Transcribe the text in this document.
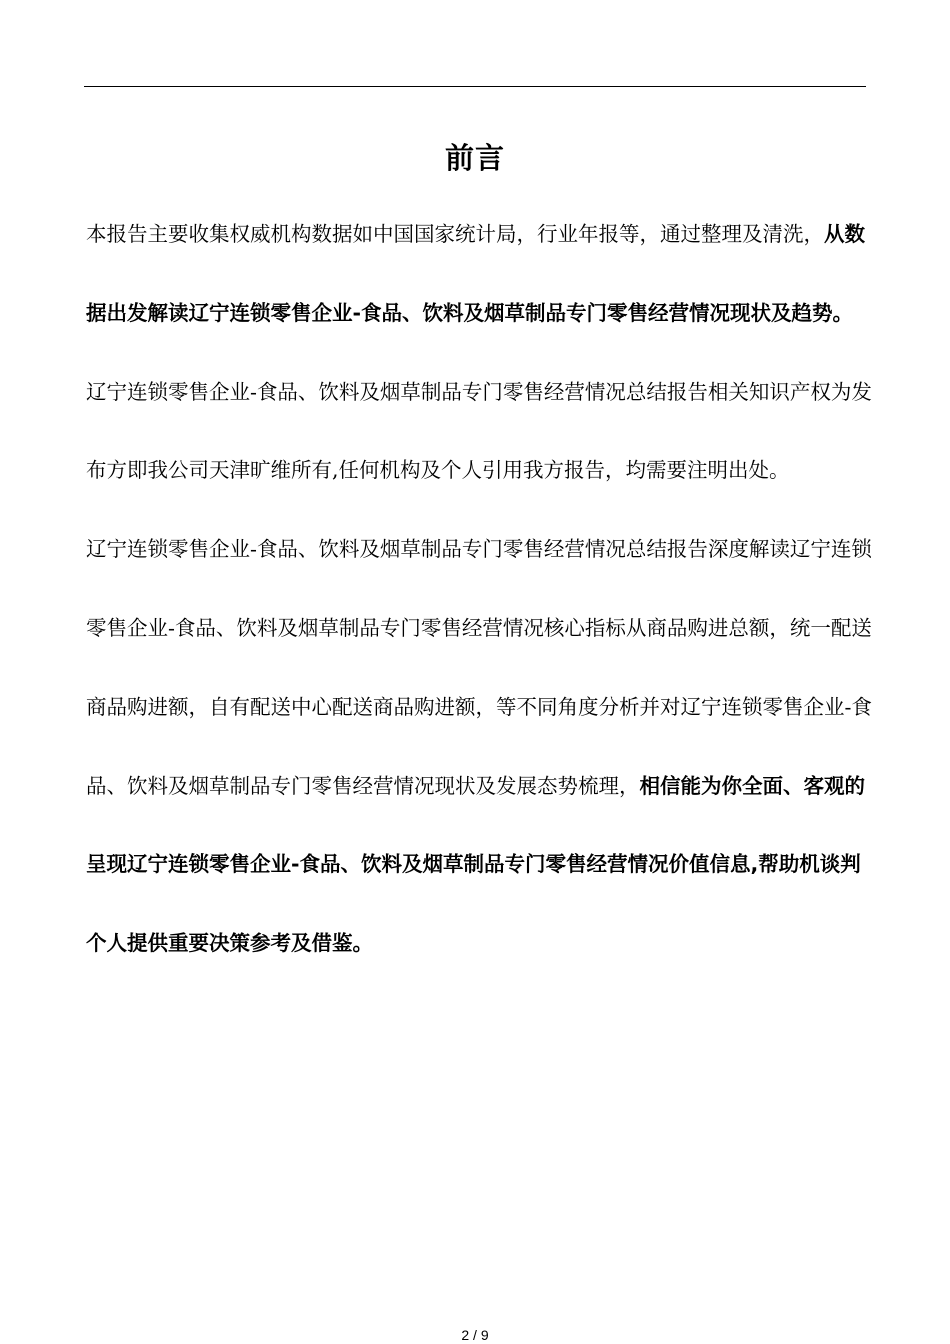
前言

本报告主要收集权威机构数据如中国国家统计局，行业年报等，通过整理及清洗，从数据出发解读辽宁连锁零售企业-食品、饮料及烟草制品专门零售经营情况现状及趋势。

辽宁连锁零售企业-食品、饮料及烟草制品专门零售经营情况总结报告相关知识产权为发布方即我公司天津旷维所有,任何机构及个人引用我方报告，均需要注明出处。

辽宁连锁零售企业-食品、饮料及烟草制品专门零售经营情况总结报告深度解读辽宁连锁零售企业-食品、饮料及烟草制品专门零售经营情况核心指标从商品购进总额，统一配送商品购进额，自有配送中心配送商品购进额，等不同角度分析并对辽宁连锁零售企业-食品、饮料及烟草制品专门零售经营情况现状及发展态势梳理，相信能为你全面、客观的呈现辽宁连锁零售企业-食品、饮料及烟草制品专门零售经营情况价值信息,帮助机谈判个人提供重要决策参考及借鉴。

2 / 9
